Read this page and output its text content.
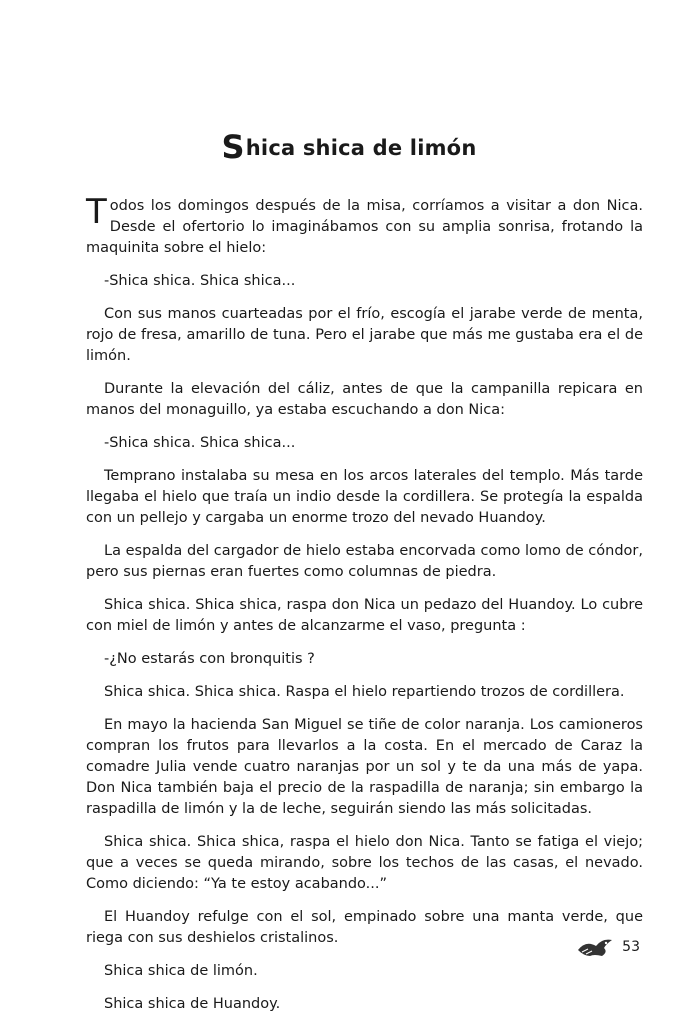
Shica shica de limón

Todos los domingos después de la misa, corríamos a visitar a don Nica. Desde el ofertorio lo imaginábamos con su amplia sonrisa, frotando la maquinita sobre el hielo:

-Shica shica. Shica shica...

Con sus manos cuarteadas por el frío, escogía el jarabe verde de menta, rojo de fresa, amarillo de tuna. Pero el jarabe que más me gustaba era el de limón.

Durante la elevación del cáliz, antes de que la campanilla repicara en manos del monaguillo, ya estaba escuchando a don Nica:

-Shica shica. Shica shica...

Temprano instalaba su mesa en los arcos laterales del templo. Más tarde llegaba el hielo que traía un indio desde la cordillera. Se protegía la espalda con un pellejo y cargaba un enorme trozo del nevado Huandoy.

La espalda del cargador de hielo estaba encorvada como lomo de cóndor, pero sus piernas eran fuertes como columnas de piedra.

Shica shica. Shica shica, raspa don Nica un pedazo del Huandoy. Lo cubre con miel de limón y antes de alcanzarme el vaso, pregunta :

-¿No estarás con bronquitis ?

Shica shica. Shica shica. Raspa el hielo repartiendo trozos de cordillera.

En mayo la hacienda San Miguel se tiñe de color naranja. Los camioneros compran los frutos para llevarlos a la costa. En el mercado de Caraz la comadre Julia vende cuatro naranjas por un sol y te da una más de yapa. Don Nica también baja el precio de la raspadilla de naranja; sin embargo la raspadilla de limón y la de leche, seguirán siendo las más solicitadas.

Shica shica. Shica shica, raspa el hielo don Nica. Tanto se fatiga el viejo; que a veces se queda mirando, sobre los techos de las casas, el nevado. Como diciendo: “Ya te estoy acabando...”

El Huandoy refulge con el sol, empinado sobre una manta verde, que riega con sus deshielos cristalinos.

Shica shica de limón.

Shica shica de Huandoy.

53
